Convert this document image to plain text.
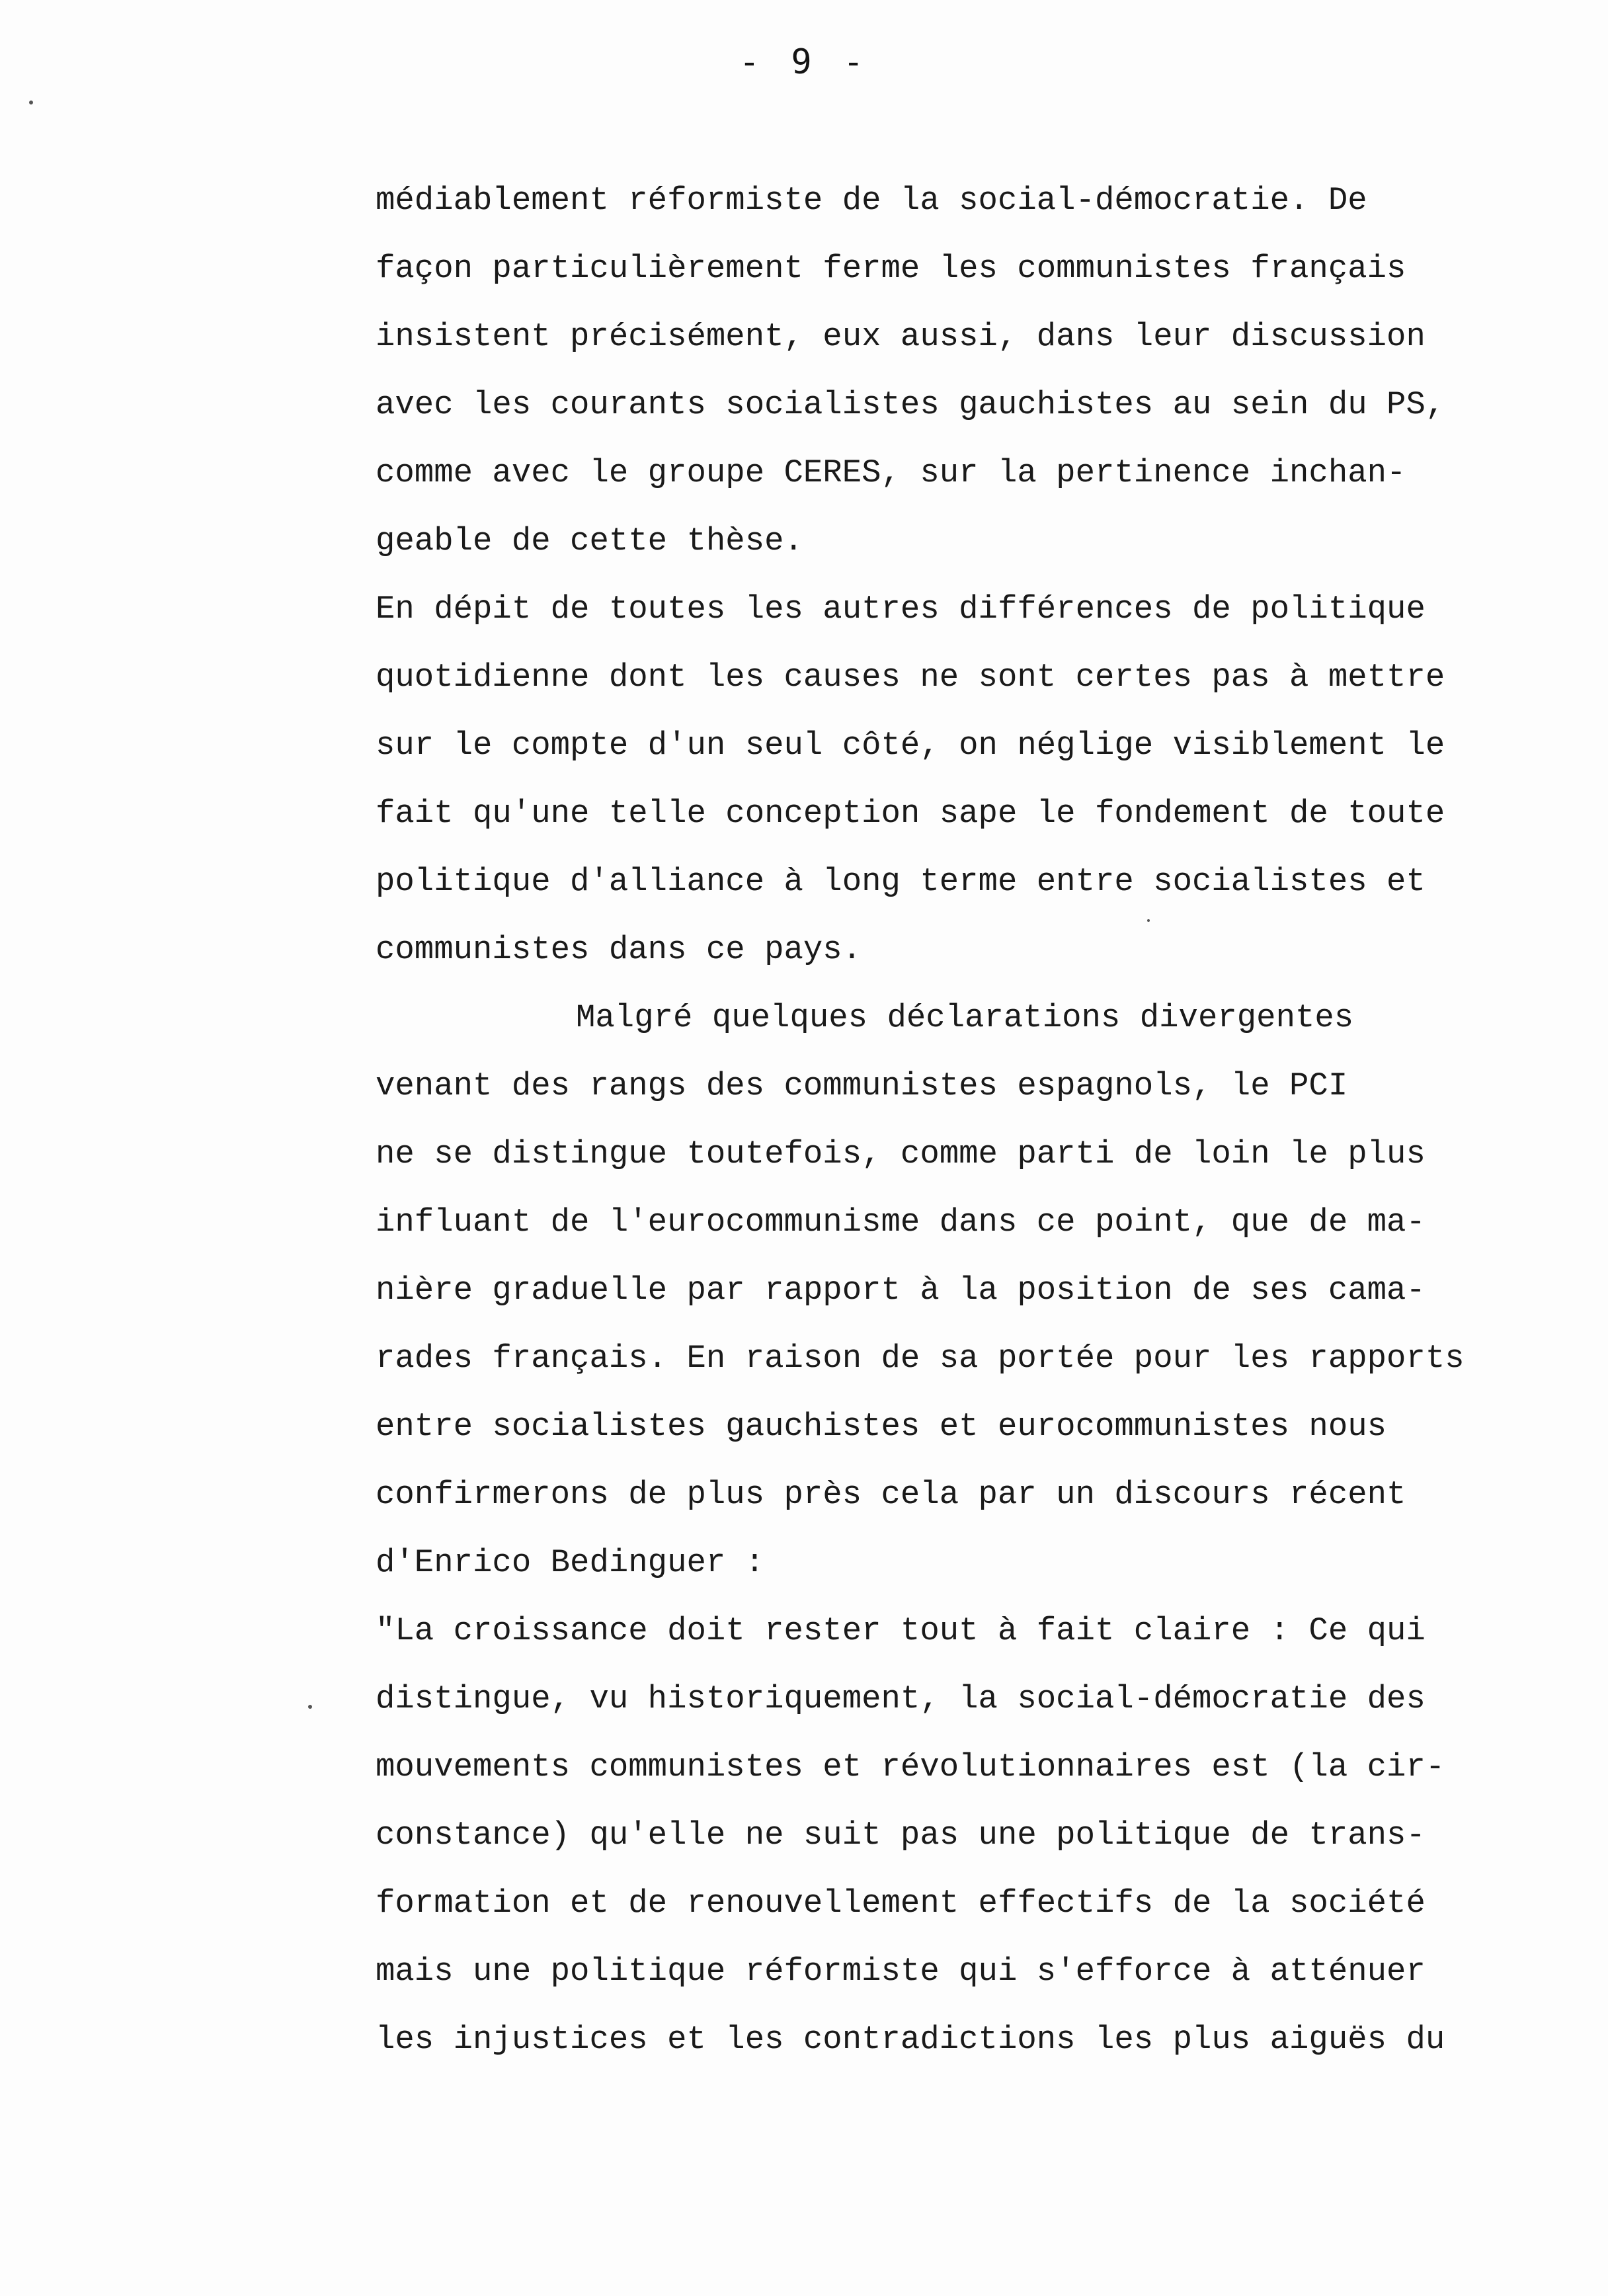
- 9 -
médiablement réformiste de la social-démocratie. De
façon particulièrement ferme les communistes français
insistent précisément, eux aussi, dans leur discussion
avec les courants socialistes gauchistes au sein du PS,
comme avec le groupe CERES, sur la pertinence inchan-
geable de cette thèse.
En dépit de toutes les autres différences de politique
quotidienne dont les causes ne sont certes pas à mettre
sur le compte d'un seul côté, on néglige visiblement le
fait qu'une telle conception sape le fondement de toute
politique d'alliance à long terme entre socialistes et
communistes dans ce pays.
Malgré quelques déclarations divergentes
venant des rangs des communistes espagnols, le PCI
ne se distingue toutefois, comme parti de loin le plus
influant de l'eurocommunisme dans ce point, que de ma-
nière graduelle par rapport à la position de ses cama-
rades français. En raison de sa portée pour les rapports
entre socialistes gauchistes et eurocommunistes nous
confirmerons de plus près cela par un discours récent
d'Enrico Bedinguer :
"La croissance doit rester tout à fait claire : Ce qui
distingue, vu historiquement, la social-démocratie des
mouvements communistes et révolutionnaires est (la cir-
constance) qu'elle ne suit pas une politique de trans-
formation et de renouvellement effectifs de la société
mais une politique réformiste qui s'efforce à atténuer
les injustices et les contradictions les plus aiguës du
